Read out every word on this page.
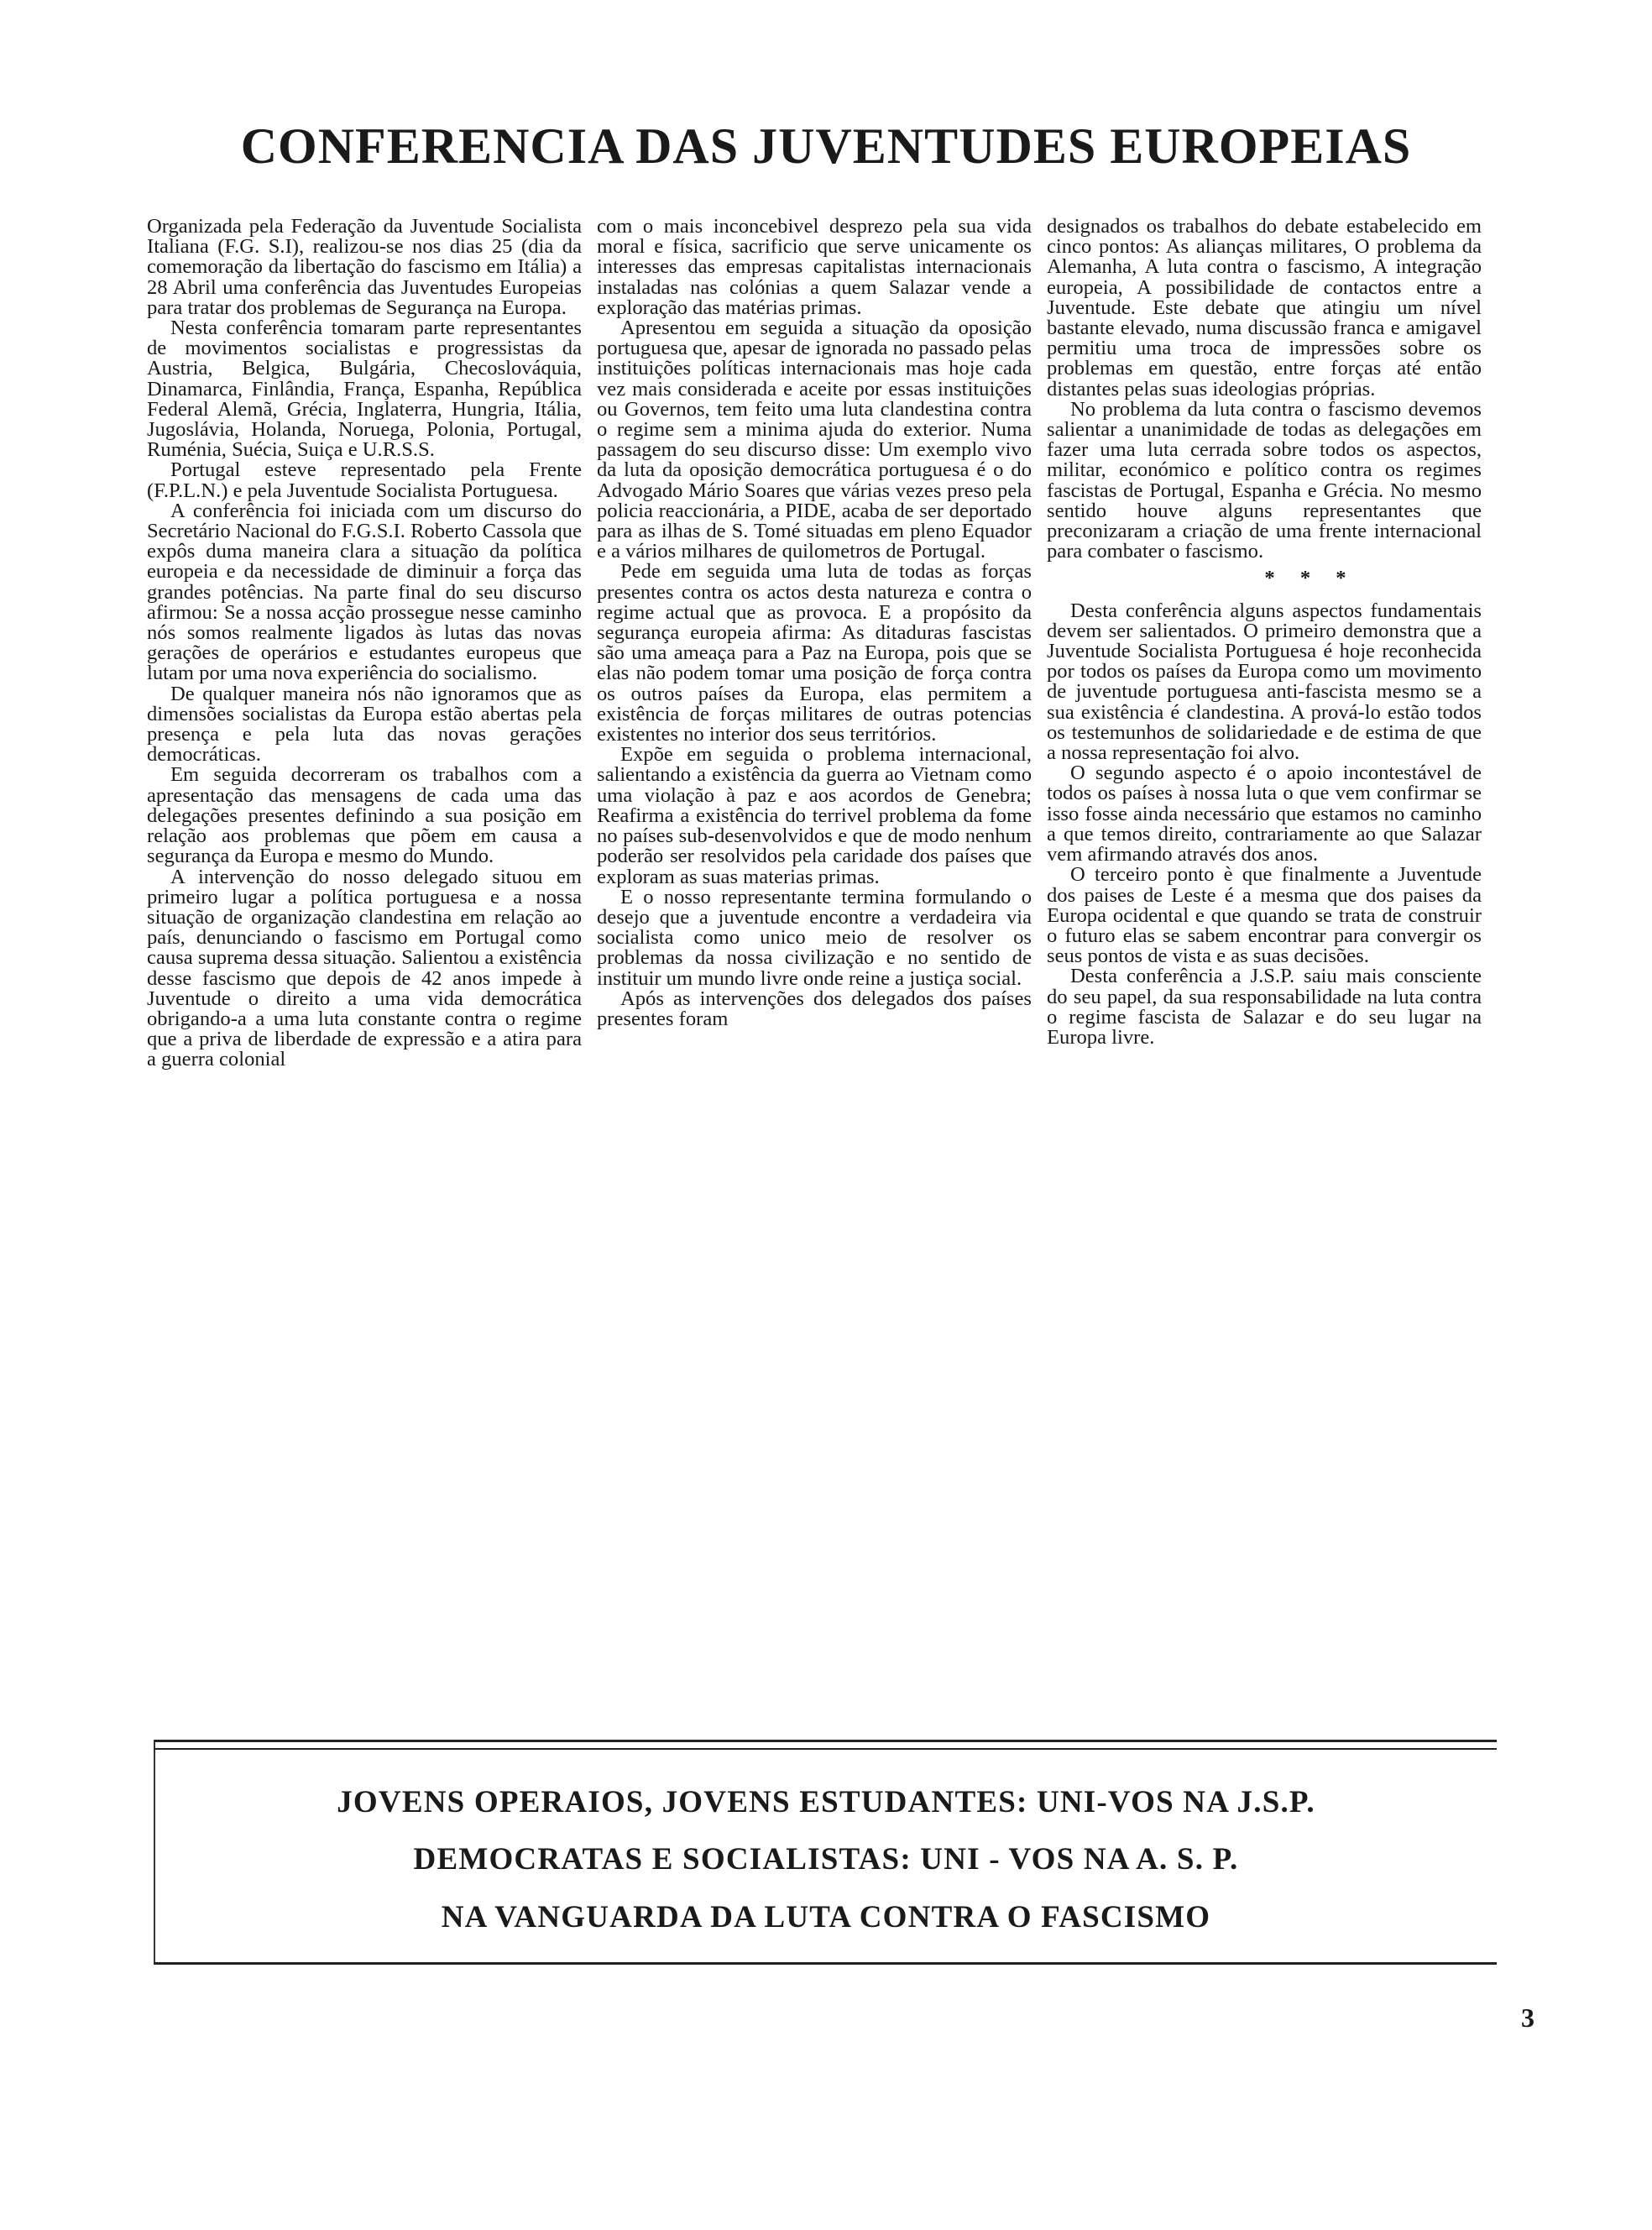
CONFERENCIA DAS JUVENTUDES EUROPEIAS

Organizada pela Federação da Juventude Socialista Italiana (F.G. S.I), realizou-se nos dias 25 (dia da comemoração da libertação do fascismo em Itália) a 28 Abril uma conferência das Juventudes Europeias para tratar dos problemas de Segurança na Europa.

Nesta conferência tomaram parte representantes de movimentos socialistas e progressistas da Austria, Belgica, Bulgária, Checoslováquia, Dinamarca, Finlândia, França, Espanha, República Federal Alemã, Grécia, Inglaterra, Hungria, Itália, Jugoslávia, Holanda, Noruega, Polonia, Portugal, Ruménia, Suécia, Suiça e U.R.S.S.

Portugal esteve representado pela Frente (F.P.L.N.) e pela Juventude Socialista Portuguesa.

A conferência foi iniciada com um discurso do Secretário Nacional do F.G.S.I. Roberto Cassola que expôs duma maneira clara a situação da política europeia e da necessidade de diminuir a força das grandes potências. Na parte final do seu discurso afirmou: Se a nossa acção prossegue nesse caminho nós somos realmente ligados às lutas das novas gerações de operários e estudantes europeus que lutam por uma nova experiência do socialismo.

De qualquer maneira nós não ignoramos que as dimensões socialistas da Europa estão abertas pela presença e pela luta das novas gerações democráticas.

Em seguida decorreram os trabalhos com a apresentação das mensagens de cada uma das delegações presentes definindo a sua posição em relação aos problemas que põem em causa a segurança da Europa e mesmo do Mundo.

A intervenção do nosso delegado situou em primeiro lugar a política portuguesa e a nossa situação de organização clandestina em relação ao país, denunciando o fascismo em Portugal como causa suprema dessa situação. Salientou a existência desse fascismo que depois de 42 anos impede à Juventude o direito a uma vida democrática obrigando-a a uma luta constante contra o regime que a priva de liberdade de expressão e a atira para a guerra colonial

com o mais inconcebivel desprezo pela sua vida moral e física, sacrificio que serve unicamente os interesses das empresas capitalistas internacionais instaladas nas colónias a quem Salazar vende a exploração das matérias primas.

Apresentou em seguida a situação da oposição portuguesa que, apesar de ignorada no passado pelas instituições políticas internacionais mas hoje cada vez mais considerada e aceite por essas instituições ou Governos, tem feito uma luta clandestina contra o regime sem a minima ajuda do exterior. Numa passagem do seu discurso disse: Um exemplo vivo da luta da oposição democrática portuguesa é o do Advogado Mário Soares que várias vezes preso pela policia reaccionária, a PIDE, acaba de ser deportado para as ilhas de S. Tomé situadas em pleno Equador e a vários milhares de quilometros de Portugal.

Pede em seguida uma luta de todas as forças presentes contra os actos desta natureza e contra o regime actual que as provoca. E a propósito da segurança europeia afirma: As ditaduras fascistas são uma ameaça para a Paz na Europa, pois que se elas não podem tomar uma posição de força contra os outros países da Europa, elas permitem a existência de forças militares de outras potencias existentes no interior dos seus territórios.

Expõe em seguida o problema internacional, salientando a existência da guerra ao Vietnam como uma violação à paz e aos acordos de Genebra; Reafirma a existência do terrivel problema da fome no países sub-desenvolvidos e que de modo nenhum poderão ser resolvidos pela caridade dos países que exploram as suas materias primas.

E o nosso representante termina formulando o desejo que a juventude encontre a verdadeira via socialista como unico meio de resolver os problemas da nossa civilização e no sentido de instituir um mundo livre onde reine a justiça social.

Após as intervenções dos delegados dos países presentes foram

designados os trabalhos do debate estabelecido em cinco pontos: As alianças militares, O problema da Alemanha, A luta contra o fascismo, A integração europeia, A possibilidade de contactos entre a Juventude. Este debate que atingiu um nível bastante elevado, numa discussão franca e amigavel permitiu uma troca de impressões sobre os problemas em questão, entre forças até então distantes pelas suas ideologias próprias.

No problema da luta contra o fascismo devemos salientar a unanimidade de todas as delegações em fazer uma luta cerrada sobre todos os aspectos, militar, económico e político contra os regimes fascistas de Portugal, Espanha e Grécia. No mesmo sentido houve alguns representantes que preconizaram a criação de uma frente internacional para combater o fascismo.

* * *

Desta conferência alguns aspectos fundamentais devem ser salientados. O primeiro demonstra que a Juventude Socialista Portuguesa é hoje reconhecida por todos os países da Europa como um movimento de juventude portuguesa anti-fascista mesmo se a sua existência é clandestina. A prová-lo estão todos os testemunhos de solidariedade e de estima de que a nossa representação foi alvo.

O segundo aspecto é o apoio incontestável de todos os países à nossa luta o que vem confirmar se isso fosse ainda necessário que estamos no caminho a que temos direito, contrariamente ao que Salazar vem afirmando através dos anos.

O terceiro ponto è que finalmente a Juventude dos paises de Leste é a mesma que dos paises da Europa ocidental e que quando se trata de construir o futuro elas se sabem encontrar para convergir os seus pontos de vista e as suas decisões.

Desta conferência a J.S.P. saiu mais consciente do seu papel, da sua responsabilidade na luta contra o regime fascista de Salazar e do seu lugar na Europa livre.

JOVENS OPERAIOS, JOVENS ESTUDANTES: UNI-VOS NA J.S.P.

DEMOCRATAS E SOCIALISTAS: UNI - VOS NA A. S. P.

NA VANGUARDA DA LUTA CONTRA O FASCISMO

3
